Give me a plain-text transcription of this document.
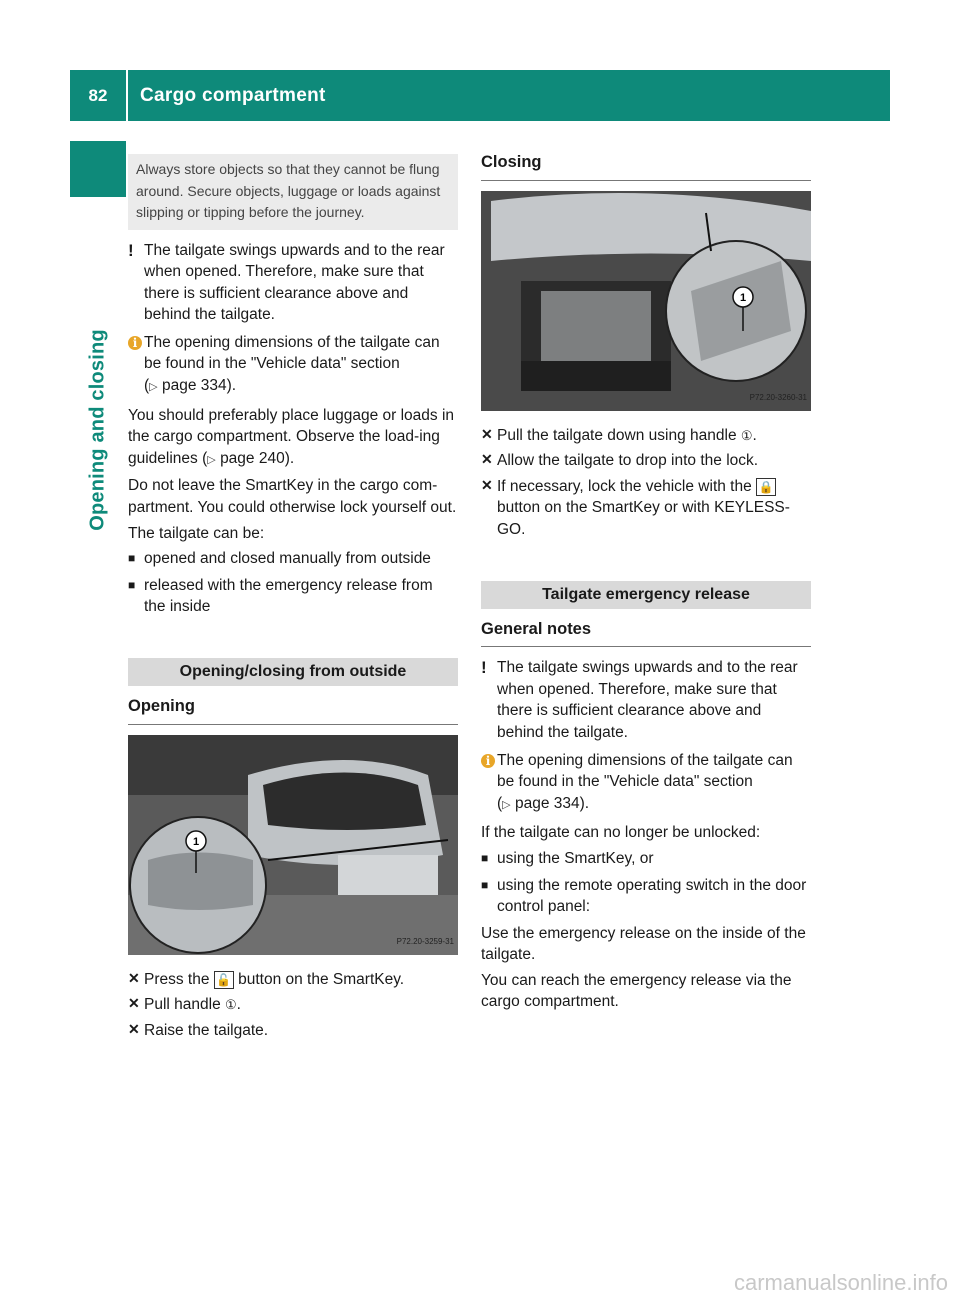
82	Cargo compartment
Opening and closing
Always store objects so that they cannot be flung around. Secure objects, luggage or loads against slipping or tipping before the journey.
! The tailgate swings upwards and to the rear when opened. Therefore, make sure that there is sufficient clearance above and behind the tailgate.
i The opening dimensions of the tailgate can be found in the "Vehicle data" section
(▷ page 334).

You should preferably place luggage or loads in the cargo compartment. Observe the load-ing guidelines (▷ page 240).

Do not leave the SmartKey in the cargo com-partment. You could otherwise lock yourself out.

The tailgate can be:

■ opened and closed manually from outside
■ released with the emergency release from the inside
Opening/closing from outside
Opening
1
P72.20-3259-31
✕ Press the 🔓 button on the SmartKey.
✕ Pull handle ①.
✕ Raise the tailgate.
Closing
1
P72.20-3260-31
✕ Pull the tailgate down using handle ①.
✕ Allow the tailgate to drop into the lock.
✕ If necessary, lock the vehicle with the 🔒 button on the SmartKey or with KEYLESS-GO.
Tailgate emergency release
General notes
! The tailgate swings upwards and to the rear when opened. Therefore, make sure that there is sufficient clearance above and behind the tailgate.
i The opening dimensions of the tailgate can be found in the "Vehicle data" section
(▷ page 334).

If the tailgate can no longer be unlocked:

■ using the SmartKey, or
■ using the remote operating switch in the door control panel:

Use the emergency release on the inside of the tailgate.

You can reach the emergency release via the cargo compartment.

carmanualsonline.info
